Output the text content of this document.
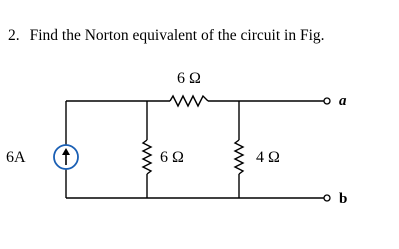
2. Find the Norton equivalent of the circuit in Fig.
6 Ω
6A	6 Ω	4 Ω
a
b
